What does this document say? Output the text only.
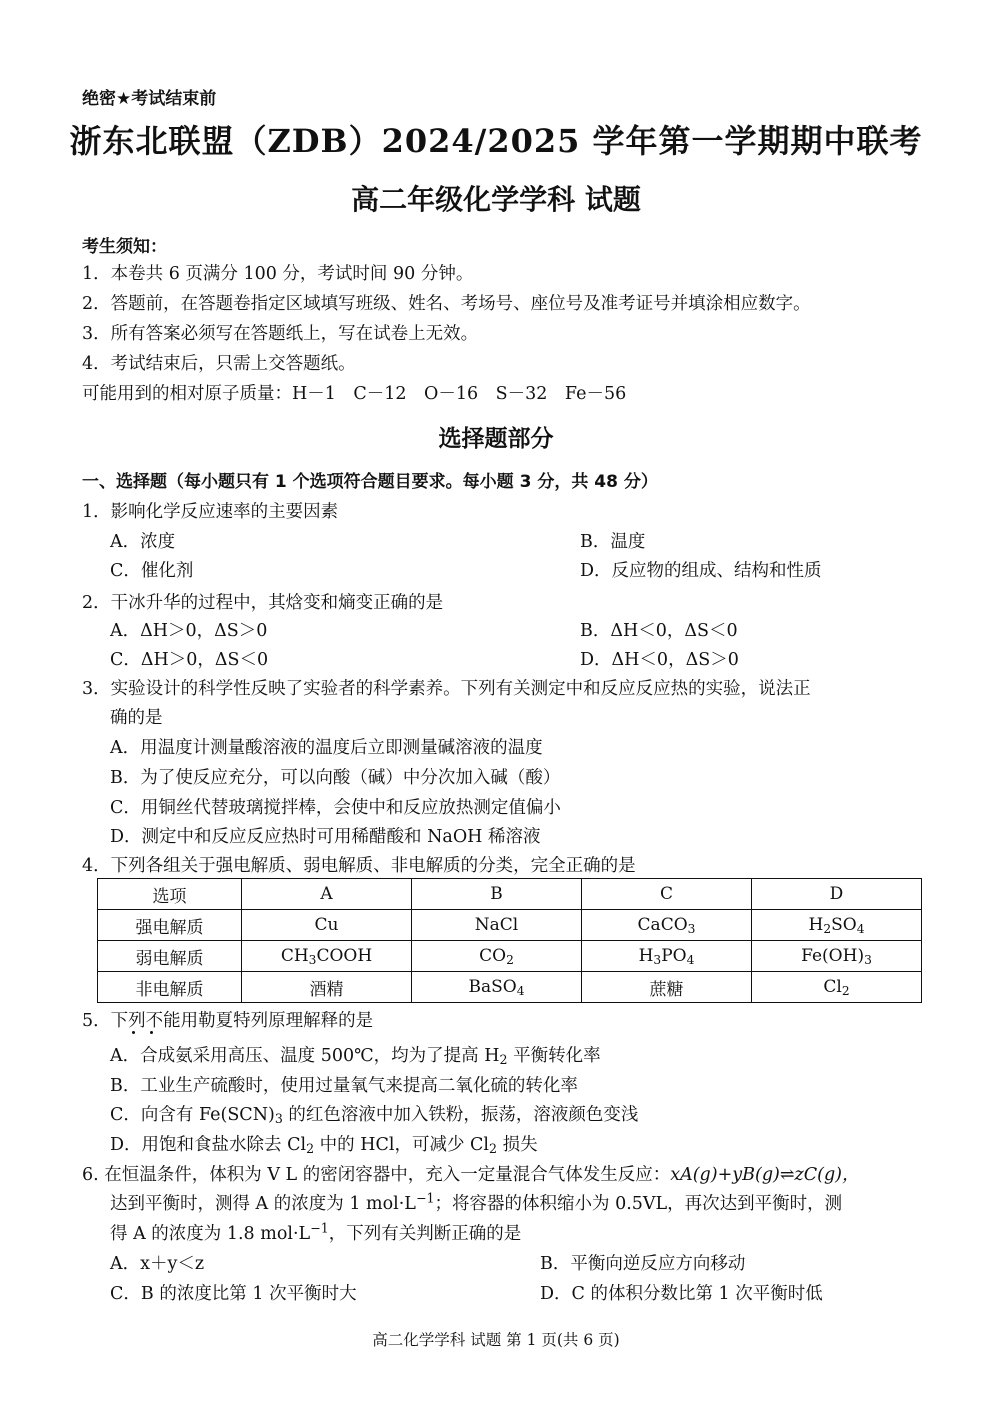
绝密★考试结束前
浙东北联盟（ZDB）2024/2025 学年第一学期期中联考
高二年级化学学科 试题
考生须知：
1．本卷共 6 页满分 100 分，考试时间 90 分钟。
2．答题前，在答题卷指定区域填写班级、姓名、考场号、座位号及准考证号并填涂相应数字。
3．所有答案必须写在答题纸上，写在试卷上无效。
4．考试结束后，只需上交答题纸。
可能用到的相对原子质量：H－1　C－12　O－16　S－32　Fe－56
选择题部分
一、选择题（每小题只有 1 个选项符合题目要求。每小题 3 分，共 48 分）
1．影响化学反应速率的主要因素
A．浓度	B．温度
C．催化剂	D．反应物的组成、结构和性质
2．干冰升华的过程中，其焓变和熵变正确的是
A．ΔH＞0，ΔS＞0	B．ΔH＜0，ΔS＜0
C．ΔH＞0，ΔS＜0	D．ΔH＜0，ΔS＞0
3．实验设计的科学性反映了实验者的科学素养。下列有关测定中和反应反应热的实验，说法正
确的是
A．用温度计测量酸溶液的温度后立即测量碱溶液的温度
B．为了使反应充分，可以向酸（碱）中分次加入碱（酸）
C．用铜丝代替玻璃搅拌棒，会使中和反应放热测定值偏小
D．测定中和反应反应热时可用稀醋酸和 NaOH 稀溶液
4．下列各组关于强电解质、弱电解质、非电解质的分类，完全正确的是
选项	A	B	C	D
强电解质	Cu	NaCl	CaCO$_3$	$H_2SO_4$
弱电解质	$CH_3COOH$	$CO_2$	$H_3PO_4$	$Fe(OH)_3$
非电解质	酒精	BaSO$_4$	蔗糖	$Cl_2$
5．下列不能用勒夏特列原理解释的是
A．合成氨采用高压、温度 500℃，均为了提高 $H_2$ 平衡转化率
B．工业生产硫酸时，使用过量氧气来提高二氧化硫的转化率
C．向含有 $Fe(SCN)_3$ 的红色溶液中加入铁粉，振荡，溶液颜色变浅
D．用饱和食盐水除去 $Cl_2$ 中的 HCl，可减少 $Cl_2$ 损失
6. 在恒温条件，体积为 V L 的密闭容器中，充入一定量混合气体发生反应：xA(g)+yB(g)⇌zC(g)，
达到平衡时，测得 A 的浓度为 1 $mol\cdot L^{-1}$；将容器的体积缩小为 0.5VL，再次达到平衡时，测
得 A 的浓度为 1.8 $mol\cdot L^{-1}$，下列有关判断正确的是
A．x＋y＜z	B．平衡向逆反应方向移动
C．B 的浓度比第 1 次平衡时大	D．C 的体积分数比第 1 次平衡时低
高二化学学科 试题 第 1 页(共 6 页)
